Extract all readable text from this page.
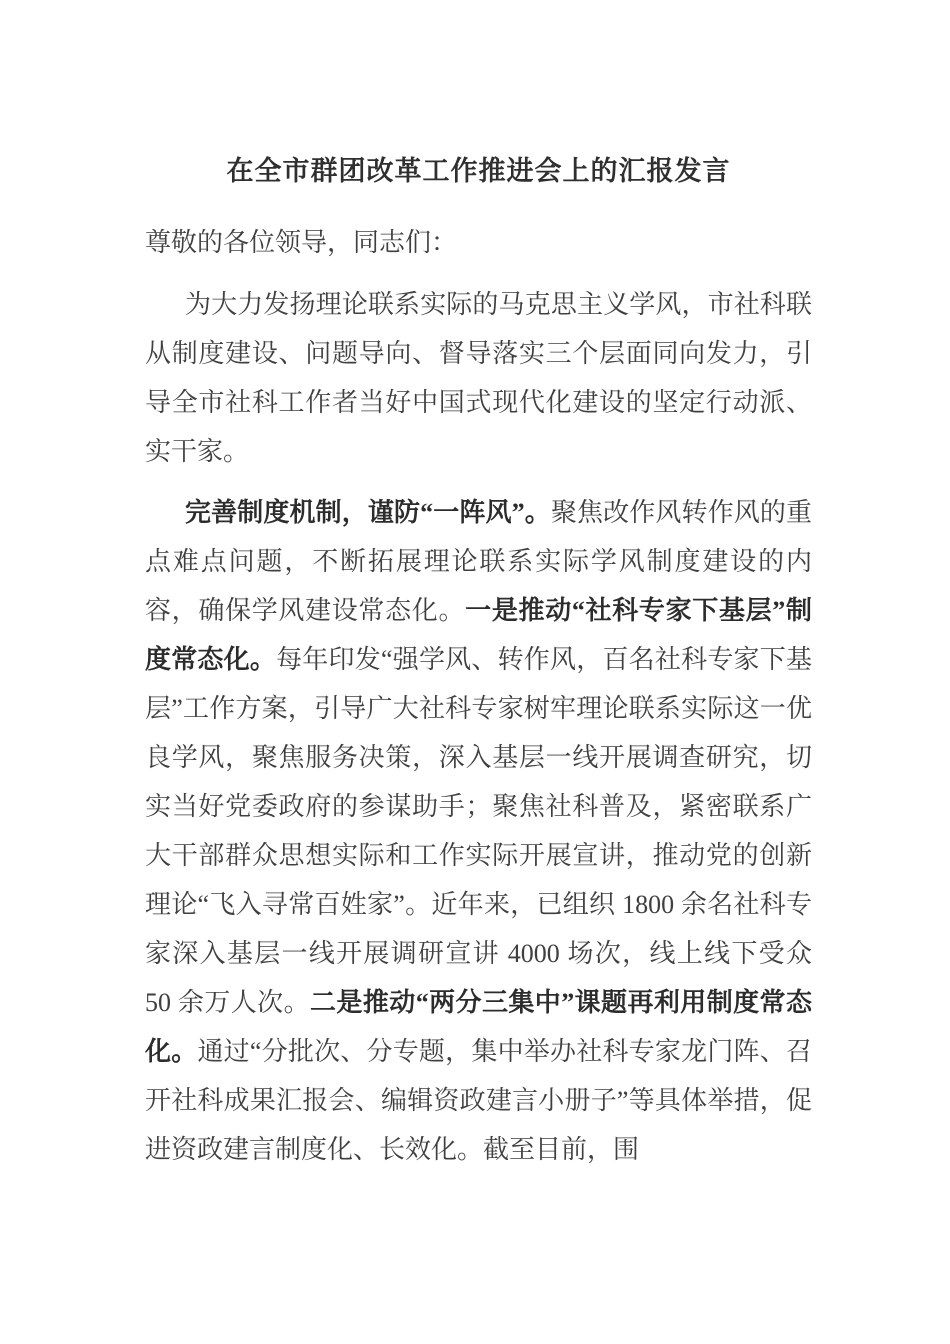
在全市群团改革工作推进会上的汇报发言

尊敬的各位领导，同志们：

为大力发扬理论联系实际的马克思主义学风，市社科联从制度建设、问题导向、督导落实三个层面同向发力，引导全市社科工作者当好中国式现代化建设的坚定行动派、实干家。

完善制度机制，谨防“一阵风”。聚焦改作风转作风的重点难点问题，不断拓展理论联系实际学风制度建设的内容，确保学风建设常态化。一是推动“社科专家下基层”制度常态化。每年印发“强学风、转作风，百名社科专家下基层”工作方案，引导广大社科专家树牢理论联系实际这一优良学风，聚焦服务决策，深入基层一线开展调查研究，切实当好党委政府的参谋助手；聚焦社科普及，紧密联系广大干部群众思想实际和工作实际开展宣讲，推动党的创新理论“飞入寻常百姓家”。近年来，已组织 1800 余名社科专家深入基层一线开展调研宣讲 4000 场次，线上线下受众 50 余万人次。二是推动“两分三集中”课题再利用制度常态化。通过“分批次、分专题，集中举办社科专家龙门阵、召开社科成果汇报会、编辑资政建言小册子”等具体举措，促进资政建言制度化、长效化。截至目前，围
